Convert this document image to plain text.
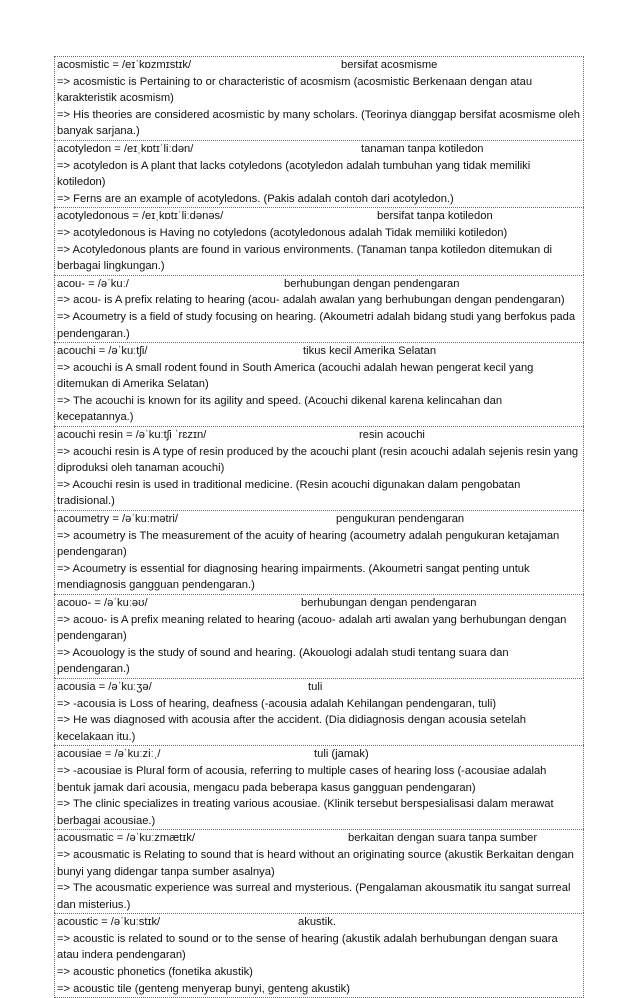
acosmistic = /eɪˈkɒzmɪstɪk/	bersifat acosmisme
=> acosmistic is Pertaining to or characteristic of acosmism (acosmistic Berkenaan dengan atau karakteristik acosmism)
=> His theories are considered acosmistic by many scholars. (Teorinya dianggap bersifat acosmisme oleh banyak sarjana.)
acotyledon = /eɪˌkɒtɪˈliːdən/	tanaman tanpa kotiledon
=> acotyledon is A plant that lacks cotyledons (acotyledon adalah tumbuhan yang tidak memiliki kotiledon)
=> Ferns are an example of acotyledons. (Pakis adalah contoh dari acotyledon.)
acotyledonous = /eɪˌkɒtɪˈliːdənəs/	bersifat tanpa kotiledon
=> acotyledonous is Having no cotyledons (acotyledonous adalah Tidak memiliki kotiledon)
=> Acotyledonous plants are found in various environments. (Tanaman tanpa kotiledon ditemukan di berbagai lingkungan.)
acou- = /əˈkuː/	berhubungan dengan pendengaran
=> acou- is A prefix relating to hearing (acou- adalah awalan yang berhubungan dengan pendengaran)
=> Acoumetry is a field of study focusing on hearing. (Akoumetri adalah bidang studi yang berfokus pada pendengaran.)
acouchi = /əˈkuːtʃi/	tikus kecil Amerika Selatan
=> acouchi is A small rodent found in South America (acouchi adalah hewan pengerat kecil yang ditemukan di Amerika Selatan)
=> The acouchi is known for its agility and speed. (Acouchi dikenal karena kelincahan dan kecepatannya.)
acouchi resin = /əˈkuːtʃi ˈrɛzɪn/	resin acouchi
=> acouchi resin is A type of resin produced by the acouchi plant (resin acouchi adalah sejenis resin yang diproduksi oleh tanaman acouchi)
=> Acouchi resin is used in traditional medicine. (Resin acouchi digunakan dalam pengobatan tradisional.)
acoumetry = /əˈkuːmətri/	pengukuran pendengaran
=> acoumetry is The measurement of the acuity of hearing (acoumetry adalah pengukuran ketajaman pendengaran)
=> Acoumetry is essential for diagnosing hearing impairments. (Akoumetri sangat penting untuk mendiagnosis gangguan pendengaran.)
acouo- = /əˈkuːəʊ/	berhubungan dengan pendengaran
=> acouo- is A prefix meaning related to hearing (acouo- adalah arti awalan yang berhubungan dengan pendengaran)
=> Acouology is the study of sound and hearing. (Akouologi adalah studi tentang suara dan pendengaran.)
acousia = /əˈkuːʒə/	tuli
=> -acousia is Loss of hearing, deafness (-acousia adalah Kehilangan pendengaran, tuli)
=> He was diagnosed with acousia after the accident. (Dia didiagnosis dengan acousia setelah kecelakaan itu.)
acousiae = /əˈkuːziːˌ/	tuli (jamak)
=> -acousiae is Plural form of acousia, referring to multiple cases of hearing loss (-acousiae adalah bentuk jamak dari acousia, mengacu pada beberapa kasus gangguan pendengaran)
=> The clinic specializes in treating various acousiae. (Klinik tersebut berspesialisasi dalam merawat berbagai acousiae.)
acousmatic = /əˈkuːzmætɪk/	berkaitan dengan suara tanpa sumber
=> acousmatic is Relating to sound that is heard without an originating source (akustik Berkaitan dengan bunyi yang didengar tanpa sumber asalnya)
=> The acousmatic experience was surreal and mysterious. (Pengalaman akousmatik itu sangat surreal dan misterius.)
acoustic = /əˈkuːstɪk/	akustik.
=> acoustic is related to sound or to the sense of hearing (akustik adalah berhubungan dengan suara atau indera pendengaran)
=> acoustic phonetics (fonetika akustik)
=> acoustic tile (genteng menyerap bunyi, genteng akustik)
